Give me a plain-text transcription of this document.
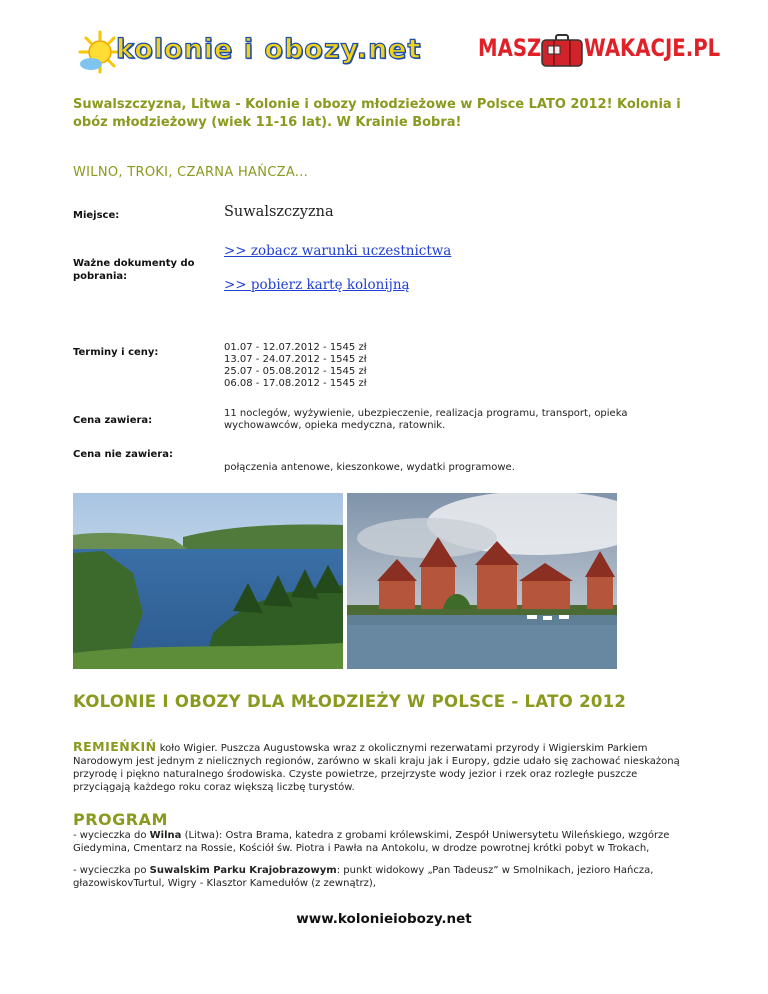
kolonie i obozy.net MASZ WAKACJE.PL
Suwalszczyzna, Litwa - Kolonie i obozy młodzieżowe w Polsce LATO 2012! Kolonia i obóz młodzieżowy (wiek 11-16 lat). W Krainie Bobra!
WILNO, TROKI, CZARNA HAŃCZA...
Miejsce:	Suwalszczyzna
Ważne dokumenty do pobrania:
>> zobacz warunki uczestnictwa
>> pobierz kartę kolonijną
Terminy i ceny:	01.07 - 12.07.2012 - 1545 zł
13.07 - 24.07.2012 - 1545 zł
25.07 - 05.08.2012 - 1545 zł
06.08 - 17.08.2012 - 1545 zł
Cena zawiera:
11 noclegów, wyżywienie, ubezpieczenie, realizacja programu, transport, opieka wychowawców, opieka medyczna, ratownik.
Cena nie zawiera:
połączenia antenowe, kieszonkowe, wydatki programowe.
KOLONIE I OBOZY DLA MŁODZIEŻY W POLSCE - LATO 2012
REMIEŃKIŃ koło Wigier. Puszcza Augustowska wraz z okolicznymi rezerwatami przyrody i Wigierskim Parkiem Narodowym jest jednym z nielicznych regionów, zarówno w skali kraju jak i Europy, gdzie udało się zachować nieskażoną przyrodę i piękno naturalnego środowiska. Czyste powietrze, przejrzyste wody jezior i rzek oraz rozległe puszcze przyciągają każdego roku coraz większą liczbę turystów.
PROGRAM
- wycieczka do Wilna (Litwa): Ostra Brama, katedra z grobami królewskimi, Zespół Uniwersytetu Wileńskiego, wzgórze Giedymina, Cmentarz na Rossie, Kościół św. Piotra i Pawła na Antokolu, w drodze powrotnej krótki pobyt w Trokach,
- wycieczka po Suwalskim Parku Krajobrazowym: punkt widokowy „Pan Tadeusz” w Smolnikach, jezioro Hańcza, głazowiskovTurtul, Wigry - Klasztor Kamedułów (z zewnątrz),
www.kolonieiobozy.net
